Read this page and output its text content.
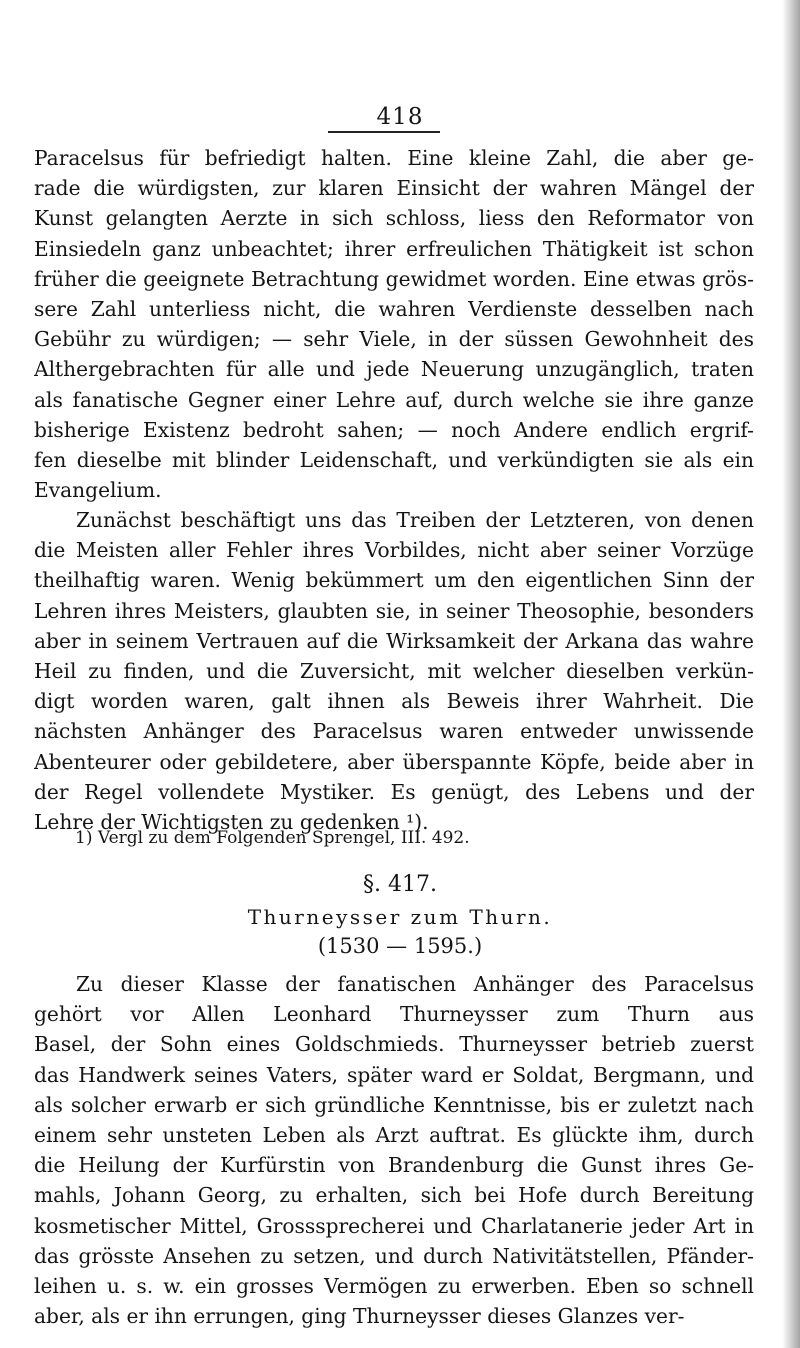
418
Paracelsus für befriedigt halten. Eine kleine Zahl, die aber ge-
rade die würdigsten, zur klaren Einsicht der wahren Mängel der
Kunst gelangten Aerzte in sich schloss, liess den Reformator von
Einsiedeln ganz unbeachtet; ihrer erfreulichen Thätigkeit ist schon
früher die geeignete Betrachtung gewidmet worden. Eine etwas grös-
sere Zahl unterliess nicht, die wahren Verdienste desselben nach
Gebühr zu würdigen; — sehr Viele, in der süssen Gewohnheit des
Althergebrachten für alle und jede Neuerung unzugänglich, traten
als fanatische Gegner einer Lehre auf, durch welche sie ihre ganze
bisherige Existenz bedroht sahen; — noch Andere endlich ergrif-
fen dieselbe mit blinder Leidenschaft, und verkündigten sie als ein
Evangelium.
Zunächst beschäftigt uns das Treiben der Letzteren, von denen
die Meisten aller Fehler ihres Vorbildes, nicht aber seiner Vorzüge
theilhaftig waren. Wenig bekümmert um den eigentlichen Sinn der
Lehren ihres Meisters, glaubten sie, in seiner Theosophie, besonders
aber in seinem Vertrauen auf die Wirksamkeit der Arkana das wahre
Heil zu finden, und die Zuversicht, mit welcher dieselben verkün-
digt worden waren, galt ihnen als Beweis ihrer Wahrheit. Die
nächsten Anhänger des Paracelsus waren entweder unwissende
Abenteurer oder gebildetere, aber überspannte Köpfe, beide aber in
der Regel vollendete Mystiker. Es genügt, des Lebens und der
Lehre der Wichtigsten zu gedenken ¹).
1) Vergl zu dem Folgenden Sprengel, III. 492.
§. 417.
Thurneysser zum Thurn.
(1530 — 1595.)
Zu dieser Klasse der fanatischen Anhänger des Paracelsus
gehört vor Allen Leonhard Thurneysser zum Thurn aus
Basel, der Sohn eines Goldschmieds. Thurneysser betrieb zuerst
das Handwerk seines Vaters, später ward er Soldat, Bergmann, und
als solcher erwarb er sich gründliche Kenntnisse, bis er zuletzt nach
einem sehr unsteten Leben als Arzt auftrat. Es glückte ihm, durch
die Heilung der Kurfürstin von Brandenburg die Gunst ihres Ge-
mahls, Johann Georg, zu erhalten, sich bei Hofe durch Bereitung
kosmetischer Mittel, Grosssprecherei und Charlatanerie jeder Art in
das grösste Ansehen zu setzen, und durch Nativitätstellen, Pfänder-
leihen u. s. w. ein grosses Vermögen zu erwerben. Eben so schnell
aber, als er ihn errungen, ging Thurneysser dieses Glanzes ver-
